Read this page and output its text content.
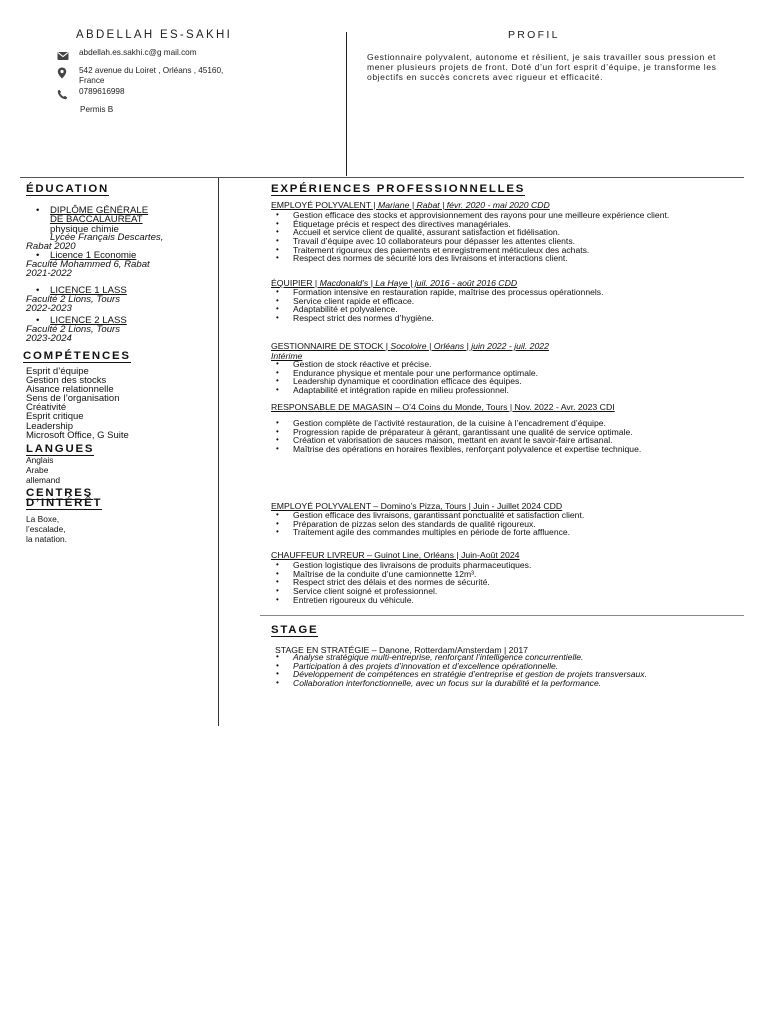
ABDELLAH ES-SAKHI
abdellah.es.sakhi.c@g mail.com
542 avenue du Loiret , Orléans , 45160,
France
0789616998
Permis B
PROFIL
Gestionnaire polyvalent, autonome et résilient, je sais travailler sous pression et mener plusieurs projets de front. Doté d’un fort esprit d’équipe, je transforme les objectifs en succès concrets avec rigueur et efficacité.
ÉDUCATION
• DIPLÔME GÉNÉRALE
DE BACCALAURÉAT
physique chimie
Lycée Français Descartes,
Rabat 2020
• Licence 1 Economie
Faculté Mohammed 6, Rabat
2021-2022
• LICENCE 1 LASS
Faculté 2 Lions, Tours
2022-2023
• LICENCE 2 LASS
Faculté 2 Lions, Tours
2023-2024
COMPÉTENCES
Esprit d’équipe
Gestion des stocks
Aisance relationnelle
Sens de l’organisation
Créativité
Esprit critique
Leadership
Microsoft Office, G Suite
LANGUES
Anglais
Arabe
allemand
CENTRES
D’INTÉRÊT
La Boxe,
l’escalade,
la natation.
EXPÉRIENCES PROFESSIONNELLES
EMPLOYÉ POLYVALENT | Mariane | Rabat | févr. 2020 - mai 2020 CDD
• Gestion efficace des stocks et approvisionnement des rayons pour une meilleure expérience client.
• Étiquetage précis et respect des directives managériales.
• Accueil et service client de qualité, assurant satisfaction et fidélisation.
• Travail d’équipe avec 10 collaborateurs pour dépasser les attentes clients.
• Traitement rigoureux des paiements et enregistrement méticuleux des achats.
• Respect des normes de sécurité lors des livraisons et interactions client.
ÉQUIPIER | Macdonald’s | La Haye | juil. 2016 - août 2016 CDD
• Formation intensive en restauration rapide, maîtrise des processus opérationnels.
• Service client rapide et efficace.
• Adaptabilité et polyvalence.
• Respect strict des normes d’hygiène.
GESTIONNAIRE DE STOCK | Socoloire | Orléans | juin 2022 - juil. 2022
Intérime
• Gestion de stock réactive et précise.
• Endurance physique et mentale pour une performance optimale.
• Leadership dynamique et coordination efficace des équipes.
• Adaptabilité et intégration rapide en milieu professionnel.
RESPONSABLE DE MAGASIN – O’4 Coins du Monde, Tours | Nov. 2022 - Avr. 2023 CDI
• Gestion complète de l’activité restauration, de la cuisine à l’encadrement d’équipe.
• Progression rapide de préparateur à gérant, garantissant une qualité de service optimale.
• Création et valorisation de sauces maison, mettant en avant le savoir-faire artisanal.
• Maîtrise des opérations en horaires flexibles, renforçant polyvalence et expertise technique.
EMPLOYÉ POLYVALENT – Domino’s Pizza, Tours | Juin - Juillet 2024 CDD
• Gestion efficace des livraisons, garantissant ponctualité et satisfaction client.
• Préparation de pizzas selon des standards de qualité rigoureux.
• Traitement agile des commandes multiples en période de forte affluence.
CHAUFFEUR LIVREUR – Guinot Line, Orléans | Juin-Août 2024
• Gestion logistique des livraisons de produits pharmaceutiques.
• Maîtrise de la conduite d’une camionnette 12m³.
• Respect strict des délais et des normes de sécurité.
• Service client soigné et professionnel.
• Entretien rigoureux du véhicule.
STAGE
STAGE EN STRATÉGIE – Danone, Rotterdam/Amsterdam | 2017
• Analyse stratégique multi-entreprise, renforçant l’intelligence concurrentielle.
• Participation à des projets d’innovation et d’excellence opérationnelle.
• Développement de compétences en stratégie d’entreprise et gestion de projets transversaux.
• Collaboration interfonctionnelle, avec un focus sur la durabilité et la performance.
